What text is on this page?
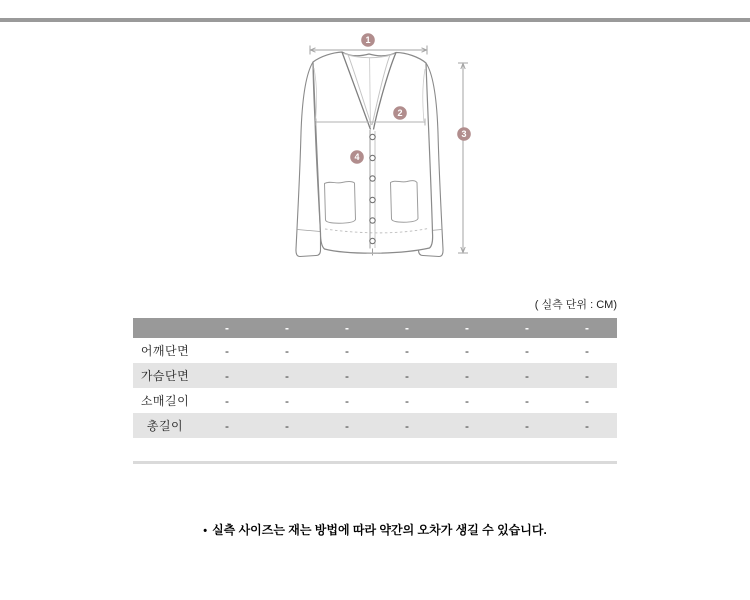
1
2
3
4
( 실측 단위 : CM)
	-	-	-	-	-	-	-
어깨단면	-	-	-	-	-	-	-
가슴단면	-	-	-	-	-	-	-
소매길이	-	-	-	-	-	-	-
총길이	-	-	-	-	-	-	-
• 실측 사이즈는 재는 방법에 따라 약간의 오차가 생길 수 있습니다.
